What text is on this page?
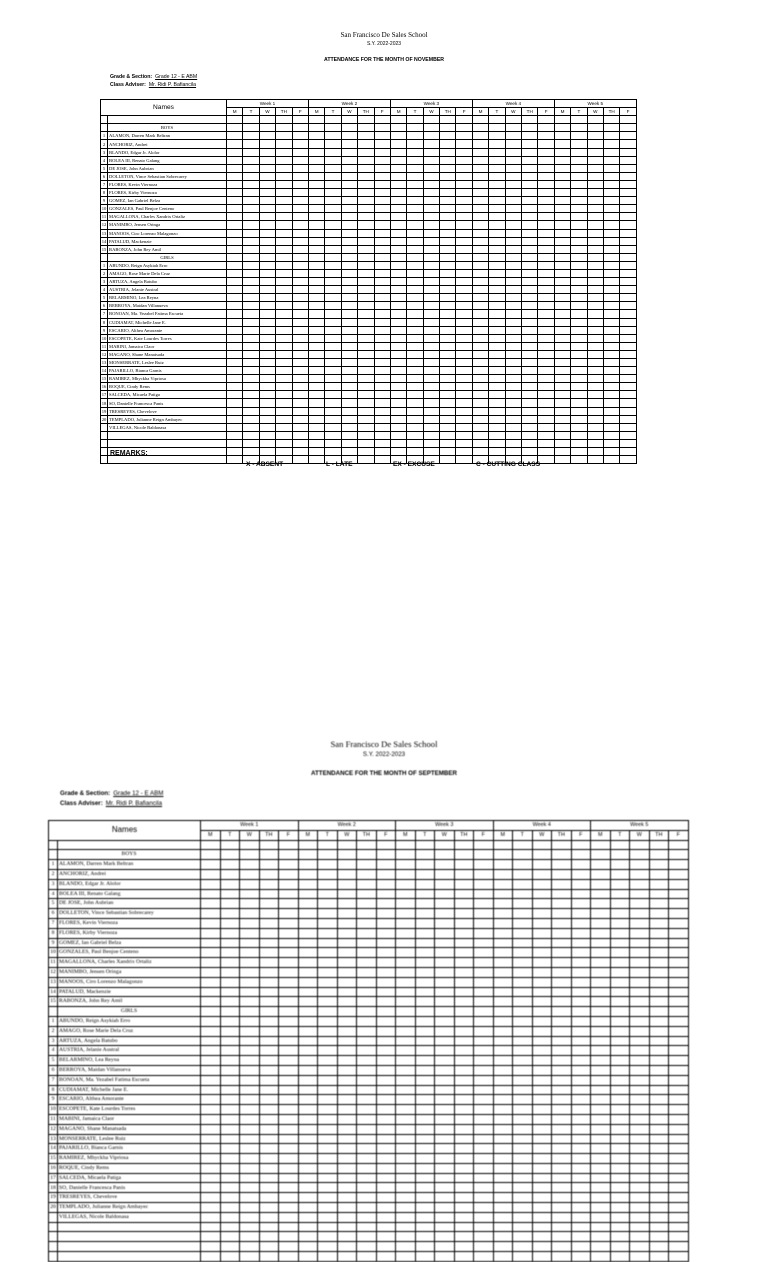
San Francisco De Sales School
S.Y. 2022-2023
ATTENDANCE FOR THE MONTH OF NOVEMBER
Grade & Section: Grade 12 - E ABM
Class Adviser: Mr. Ridi P. Bafiancila
Names		Week 1					Week 2					Week 3					Week 4					Week 5				
		M	T	W	TH	F	M	T	W	TH	F	M	T	W	TH	F	M	T	W	TH	F	M	T	W	TH	F

	BOYS																									
1	ALAMON, Darren Mark Beltran																									
2	ANCHORIZ, Andrei																									
3	BLANDO, Edgar Jr. Alolor																									
4	BOLEA III, Renato Galang																									
5	DE JOSE, John Aubrian																									
6	DOLLETON, Vince Sebastian Sobrecarey																									
7	FLORES, Kevin Viernoza																									
8	FLORES, Kirby Viernoza																									
9	GOMEZ, Ian Gabriel Belza																									
10	GONZALES, Paul Benjoe Centeno																									
11	MAGALLONA, Charles Xandrix Ortaliz																									
12	MANIMBO, Jensen Oringa																									
13	MANOOS, Ciro Lorenzo Malagonzo																									
14	PATALUD, Mackenzie																									
15	RABONZA, John Rey Amil																									
	GIRLS																									
1	ABUNDO, Reign Asykiah Erro																									
2	AMAGO, Rose Marie Dela Cruz																									
3	ARTUZA, Angela Batubo																									
4	AUSTRIA, Jelanie Austral																									
5	BELARMINO, Lea Reyna																									
6	BERROYA, Maidan Villanueva																									
7	BONOAN, Ma. Yezabel Fatima Escueta																									
8	CUDIAMAT, Michelle Jane E.																									
9	ESCARIO, Althea Amorante																									
10	ESCOPETE, Kate Lourdes Torres																									
11	MABINI, Jamaica Claor																									
12	MAGANO, Shane Manatsada																									
13	MONSERRATE, Leslee Ruiz																									
14	PAJARILLO, Bianca Garnis																									
15	RAMIREZ, Mhyckha Vipriosa																									
16	ROQUE, Cindy Rems																									
17	SALCEDA, Micaela Patiga																									
18	SO, Danielle Francesca Panis																									
19	TRESREYES, Chevelove																									
20	TEMPLADO, Julianne Reign Ambayec																									
	VILLEGAS, Nicole Baldonasa																									

REMARKS:
X - ABSENT	L - LATE	EX - EXCUSE	C - CUTTING CLASS
San Francisco De Sales School
S.Y. 2022-2023
ATTENDANCE FOR THE MONTH OF SEPTEMBER
Grade & Section: Grade 12 - E ABM
Class Adviser: Mr. Ridi P. Bafiancila
Names		Week 1					Week 2					Week 3					Week 4					Week 5				
		M	T	W	TH	F	M	T	W	TH	F	M	T	W	TH	F	M	T	W	TH	F	M	T	W	TH	F

	BOYS																									
1	ALAMON, Darren Mark Beltran																									
2	ANCHORIZ, Andrei																									
3	BLANDO, Edgar Jr. Alolor																									
4	BOLEA III, Renato Galang																									
5	DE JOSE, John Aubrian																									
6	DOLLETON, Vince Sebastian Sobrecarey																									
7	FLORES, Kevin Viernoza																									
8	FLORES, Kirby Viernoza																									
9	GOMEZ, Ian Gabriel Belza																									
10	GONZALES, Paul Benjoe Centeno																									
11	MAGALLONA, Charles Xandrix Ortaliz																									
12	MANIMBO, Jensen Oringa																									
13	MANOOS, Ciro Lorenzo Malagonzo																									
14	PATALUD, Mackenzie																									
15	RABONZA, John Rey Amil																									
	GIRLS																									
1	ABUNDO, Reign Asykiah Erro																									
2	AMAGO, Rose Marie Dela Cruz																									
3	ARTUZA, Angela Batubo																									
4	AUSTRIA, Jelanie Austral																									
5	BELARMINO, Lea Reyna																									
6	BERROYA, Maidan Villanueva																									
7	BONOAN, Ma. Yezabel Fatima Escueta																									
8	CUDIAMAT, Michelle Jane E.																									
9	ESCARIO, Althea Amorante																									
10	ESCOPETE, Kate Lourdes Torres																									
11	MABINI, Jamaica Claor																									
12	MAGANO, Shane Manatsada																									
13	MONSERRATE, Leslee Ruiz																									
14	PAJARILLO, Bianca Garnis																									
15	RAMIREZ, Mhyckha Vipriosa																									
16	ROQUE, Cindy Rems																									
17	SALCEDA, Micaela Patiga																									
18	SO, Danielle Francesca Panis																									
19	TRESREYES, Chevelove																									
20	TEMPLADO, Julianne Reign Ambayec																									
	VILLEGAS, Nicole Baldonasa																									
